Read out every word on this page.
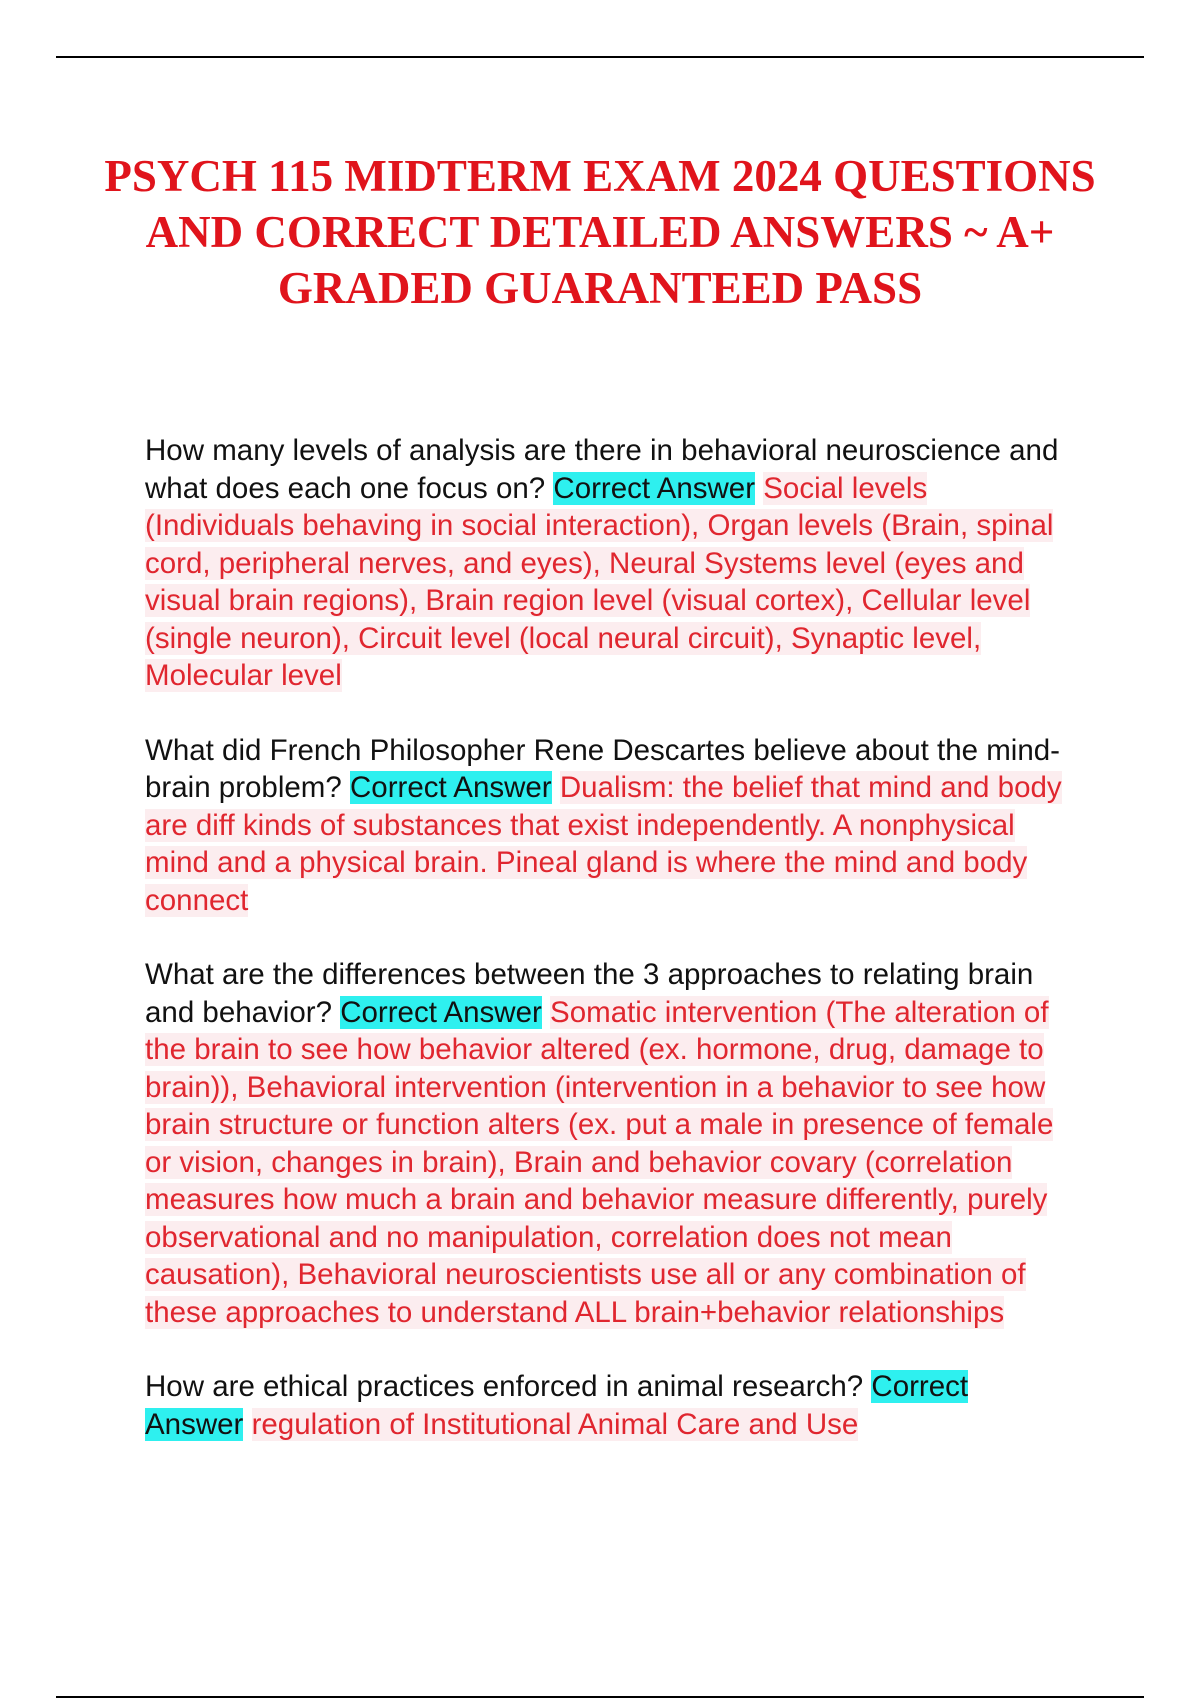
PSYCH 115 MIDTERM EXAM 2024 QUESTIONS AND CORRECT DETAILED ANSWERS ~ A+ GRADED GUARANTEED PASS

How many levels of analysis are there in behavioral neuroscience and what does each one focus on? Correct Answer Social levels (Individuals behaving in social interaction), Organ levels (Brain, spinal cord, peripheral nerves, and eyes), Neural Systems level (eyes and visual brain regions), Brain region level (visual cortex), Cellular level (single neuron), Circuit level (local neural circuit), Synaptic level, Molecular level

What did French Philosopher Rene Descartes believe about the mind-brain problem? Correct Answer Dualism: the belief that mind and body are diff kinds of substances that exist independently. A nonphysical mind and a physical brain. Pineal gland is where the mind and body connect

What are the differences between the 3 approaches to relating brain and behavior? Correct Answer Somatic intervention (The alteration of the brain to see how behavior altered (ex. hormone, drug, damage to brain)), Behavioral intervention (intervention in a behavior to see how brain structure or function alters (ex. put a male in presence of female or vision, changes in brain), Brain and behavior covary (correlation measures how much a brain and behavior measure differently, purely observational and no manipulation, correlation does not mean causation), Behavioral neuroscientists use all or any combination of these approaches to understand ALL brain+behavior relationships

How are ethical practices enforced in animal research? Correct Answer regulation of Institutional Animal Care and Use
